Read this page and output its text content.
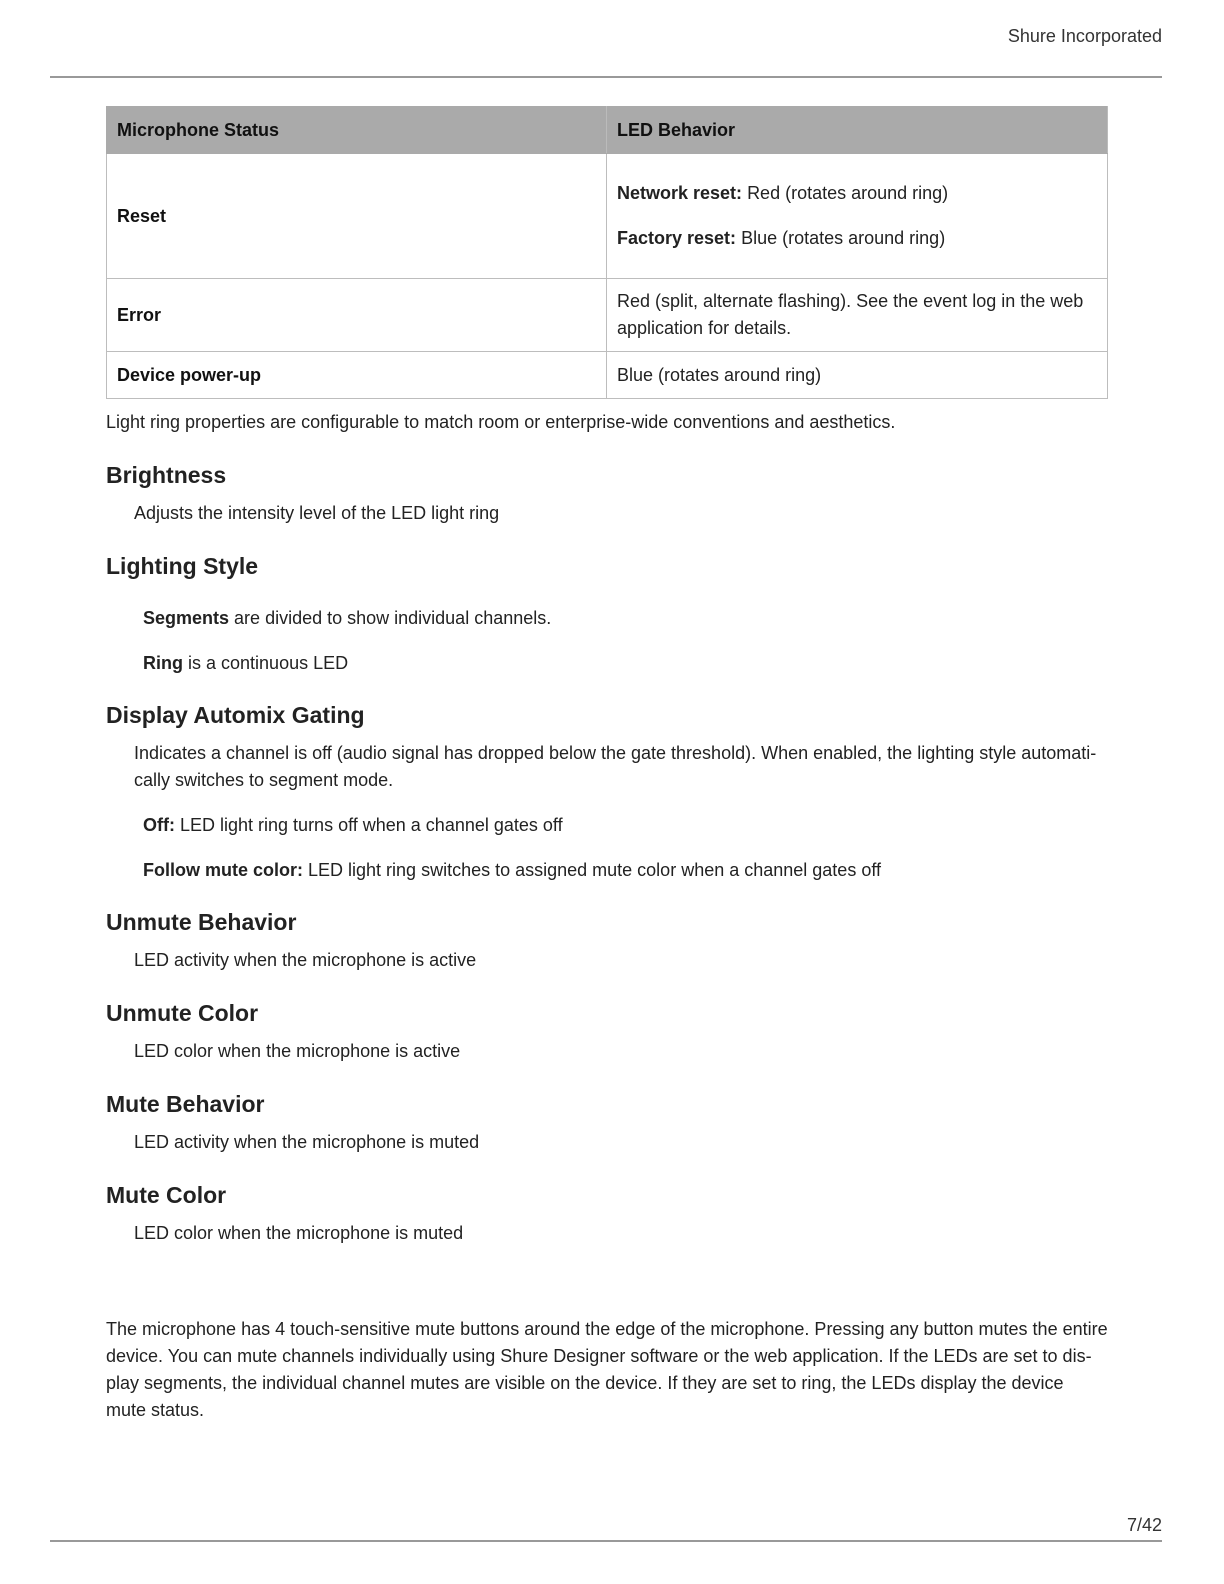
Shure Incorporated
Microphone Status	LED Behavior
Reset	Network reset: Red (rotates around ring)

Factory reset: Blue (rotates around ring)

Error	Red (split, alternate flashing). See the event log in the web application for details.
Device power-up	Blue (rotates around ring)

Light ring properties are configurable to match room or enterprise-wide conventions and aesthetics.

Brightness

Adjusts the intensity level of the LED light ring

Lighting Style

Segments are divided to show individual channels.

Ring is a continuous LED

Display Automix Gating

Indicates a channel is off (audio signal has dropped below the gate threshold). When enabled, the lighting style automati-cally switches to segment mode.

Off: LED light ring turns off when a channel gates off

Follow mute color: LED light ring switches to assigned mute color when a channel gates off

Unmute Behavior

LED activity when the microphone is active

Unmute Color

LED color when the microphone is active

Mute Behavior

LED activity when the microphone is muted

Mute Color

LED color when the microphone is muted

The microphone has 4 touch-sensitive mute buttons around the edge of the microphone. Pressing any button mutes the entire device. You can mute channels individually using Shure Designer software or the web application. If the LEDs are set to dis-play segments, the individual channel mutes are visible on the device. If they are set to ring, the LEDs display the device mute status.

7/42
